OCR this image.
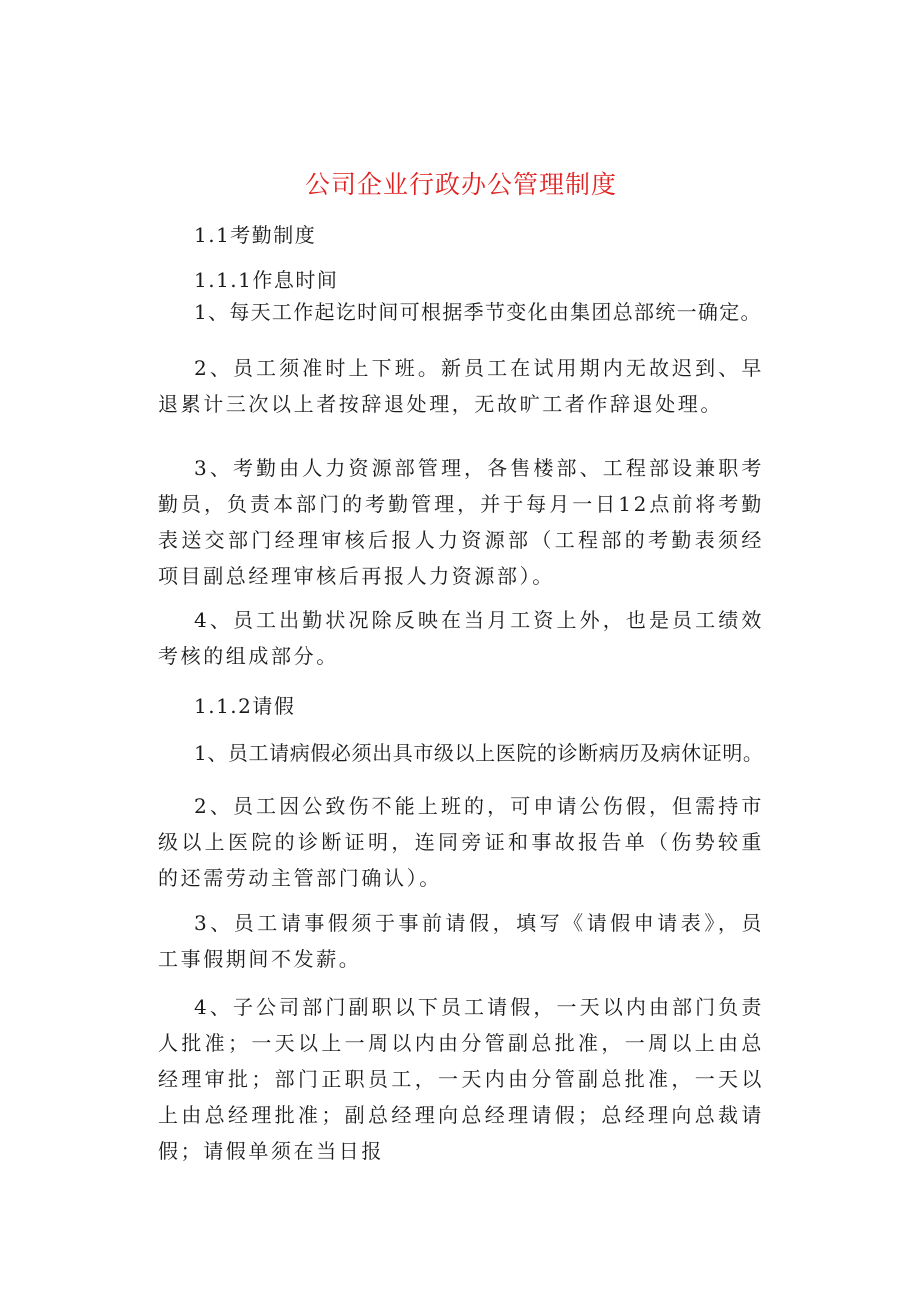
公司企业行政办公管理制度
1.1考勤制度
1.1.1作息时间

1、每天工作起讫时间可根据季节变化由集团总部统一确定。

2、员工须准时上下班。新员工在试用期内无故迟到、早退累计三次以上者按辞退处理，无故旷工者作辞退处理。

3、考勤由人力资源部管理，各售楼部、工程部设兼职考勤员，负责本部门的考勤管理，并于每月一日12点前将考勤表送交部门经理审核后报人力资源部（工程部的考勤表须经项目副总经理审核后再报人力资源部）。

4、员工出勤状况除反映在当月工资上外，也是员工绩效考核的组成部分。

1.1.2请假

1、员工请病假必须出具市级以上医院的诊断病历及病休证明。

2、员工因公致伤不能上班的，可申请公伤假，但需持市级以上医院的诊断证明，连同旁证和事故报告单（伤势较重的还需劳动主管部门确认）。

3、员工请事假须于事前请假，填写《请假申请表》，员工事假期间不发薪。

4、子公司部门副职以下员工请假，一天以内由部门负责人批准；一天以上一周以内由分管副总批准，一周以上由总经理审批；部门正职员工，一天内由分管副总批准，一天以上由总经理批准；副总经理向总经理请假；总经理向总裁请假；请假单须在当日报
